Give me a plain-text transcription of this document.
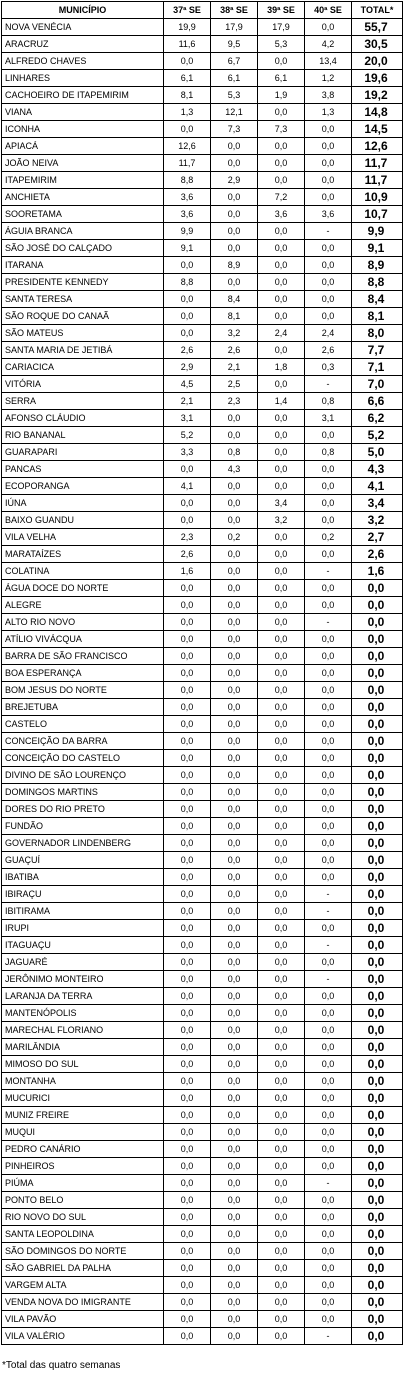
MUNICÍPIO	37ª SE	38ª SE	39ª SE	40ª SE	TOTAL*
NOVA VENÉCIA	19,9	17,9	17,9	0,0	55,7
ARACRUZ	11,6	9,5	5,3	4,2	30,5
ALFREDO CHAVES	0,0	6,7	0,0	13,4	20,0
LINHARES	6,1	6,1	6,1	1,2	19,6
CACHOEIRO DE ITAPEMIRIM	8,1	5,3	1,9	3,8	19,2
VIANA	1,3	12,1	0,0	1,3	14,8
ICONHA	0,0	7,3	7,3	0,0	14,5
APIACÁ	12,6	0,0	0,0	0,0	12,6
JOÃO NEIVA	11,7	0,0	0,0	0,0	11,7
ITAPEMIRIM	8,8	2,9	0,0	0,0	11,7
ANCHIETA	3,6	0,0	7,2	0,0	10,9
SOORETAMA	3,6	0,0	3,6	3,6	10,7
ÁGUIA BRANCA	9,9	0,0	0,0	-	9,9
SÃO JOSÉ DO CALÇADO	9,1	0,0	0,0	0,0	9,1
ITARANA	0,0	8,9	0,0	0,0	8,9
PRESIDENTE KENNEDY	8,8	0,0	0,0	0,0	8,8
SANTA TERESA	0,0	8,4	0,0	0,0	8,4
SÃO ROQUE DO CANAÃ	0,0	8,1	0,0	0,0	8,1
SÃO MATEUS	0,0	3,2	2,4	2,4	8,0
SANTA MARIA DE JETIBÁ	2,6	2,6	0,0	2,6	7,7
CARIACICA	2,9	2,1	1,8	0,3	7,1
VITÓRIA	4,5	2,5	0,0	-	7,0
SERRA	2,1	2,3	1,4	0,8	6,6
AFONSO CLÁUDIO	3,1	0,0	0,0	3,1	6,2
RIO BANANAL	5,2	0,0	0,0	0,0	5,2
GUARAPARI	3,3	0,8	0,0	0,8	5,0
PANCAS	0,0	4,3	0,0	0,0	4,3
ECOPORANGA	4,1	0,0	0,0	0,0	4,1
IÚNA	0,0	0,0	3,4	0,0	3,4
BAIXO GUANDU	0,0	0,0	3,2	0,0	3,2
VILA VELHA	2,3	0,2	0,0	0,2	2,7
MARATAÍZES	2,6	0,0	0,0	0,0	2,6
COLATINA	1,6	0,0	0,0	-	1,6
ÁGUA DOCE DO NORTE	0,0	0,0	0,0	0,0	0,0
ALEGRE	0,0	0,0	0,0	0,0	0,0
ALTO RIO NOVO	0,0	0,0	0,0	-	0,0
ATÍLIO VIVÁCQUA	0,0	0,0	0,0	0,0	0,0
BARRA DE SÃO FRANCISCO	0,0	0,0	0,0	0,0	0,0
BOA ESPERANÇA	0,0	0,0	0,0	0,0	0,0
BOM JESUS DO NORTE	0,0	0,0	0,0	0,0	0,0
BREJETUBA	0,0	0,0	0,0	0,0	0,0
CASTELO	0,0	0,0	0,0	0,0	0,0
CONCEIÇÃO DA BARRA	0,0	0,0	0,0	0,0	0,0
CONCEIÇÃO DO CASTELO	0,0	0,0	0,0	0,0	0,0
DIVINO DE SÃO LOURENÇO	0,0	0,0	0,0	0,0	0,0
DOMINGOS MARTINS	0,0	0,0	0,0	0,0	0,0
DORES DO RIO PRETO	0,0	0,0	0,0	0,0	0,0
FUNDÃO	0,0	0,0	0,0	0,0	0,0
GOVERNADOR LINDENBERG	0,0	0,0	0,0	0,0	0,0
GUAÇUÍ	0,0	0,0	0,0	0,0	0,0
IBATIBA	0,0	0,0	0,0	0,0	0,0
IBIRAÇU	0,0	0,0	0,0	-	0,0
IBITIRAMA	0,0	0,0	0,0	-	0,0
IRUPI	0,0	0,0	0,0	0,0	0,0
ITAGUAÇU	0,0	0,0	0,0	-	0,0
JAGUARÉ	0,0	0,0	0,0	0,0	0,0
JERÔNIMO MONTEIRO	0,0	0,0	0,0	-	0,0
LARANJA DA TERRA	0,0	0,0	0,0	0,0	0,0
MANTENÓPOLIS	0,0	0,0	0,0	0,0	0,0
MARECHAL FLORIANO	0,0	0,0	0,0	0,0	0,0
MARILÂNDIA	0,0	0,0	0,0	0,0	0,0
MIMOSO DO SUL	0,0	0,0	0,0	0,0	0,0
MONTANHA	0,0	0,0	0,0	0,0	0,0
MUCURICI	0,0	0,0	0,0	0,0	0,0
MUNIZ FREIRE	0,0	0,0	0,0	0,0	0,0
MUQUI	0,0	0,0	0,0	0,0	0,0
PEDRO CANÁRIO	0,0	0,0	0,0	0,0	0,0
PINHEIROS	0,0	0,0	0,0	0,0	0,0
PIÚMA	0,0	0,0	0,0	-	0,0
PONTO BELO	0,0	0,0	0,0	0,0	0,0
RIO NOVO DO SUL	0,0	0,0	0,0	0,0	0,0
SANTA LEOPOLDINA	0,0	0,0	0,0	0,0	0,0
SÃO DOMINGOS DO NORTE	0,0	0,0	0,0	0,0	0,0
SÃO GABRIEL DA PALHA	0,0	0,0	0,0	0,0	0,0
VARGEM ALTA	0,0	0,0	0,0	0,0	0,0
VENDA NOVA DO IMIGRANTE	0,0	0,0	0,0	0,0	0,0
VILA PAVÃO	0,0	0,0	0,0	0,0	0,0
VILA VALÉRIO	0,0	0,0	0,0	-	0,0
*Total das quatro semanas
